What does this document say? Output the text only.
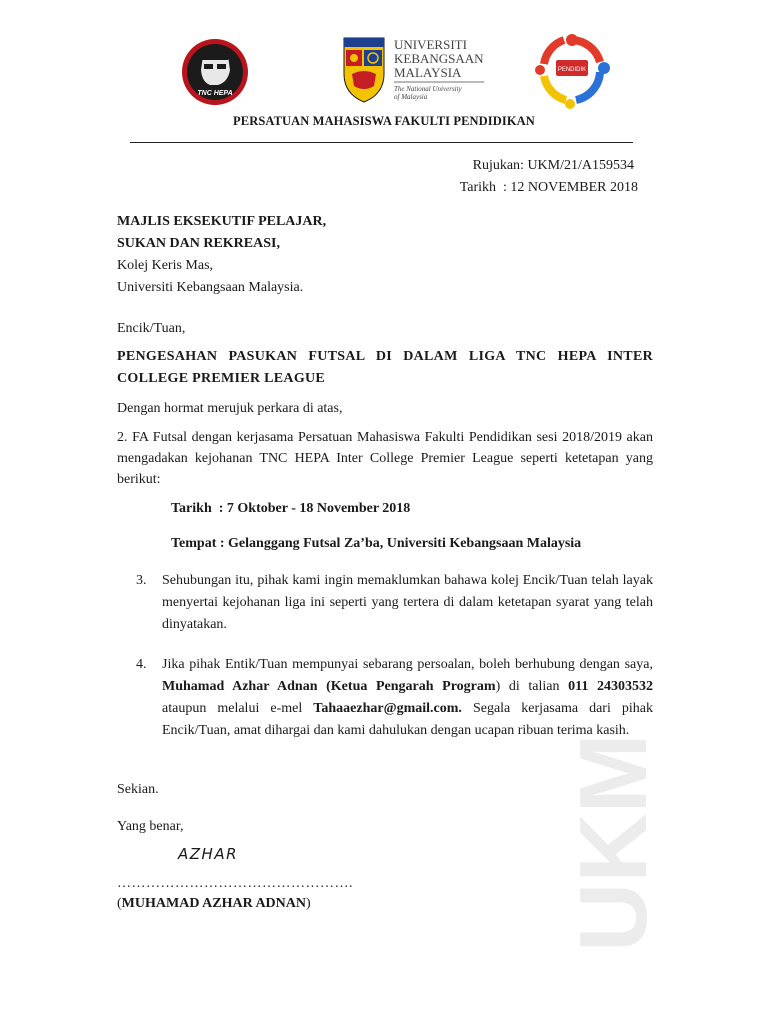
TNC HEPA
UNIVERSITI
KEBANGSAAN
MALAYSIA
The National University
of Malaysia
PENDIDIK
PERSATUAN MAHASISWA FAKULTI PENDIDIKAN
Rujukan: UKM/21/A159534
Tarikh  : 12 NOVEMBER 2018
MAJLIS EKSEKUTIF PELAJAR,
SUKAN DAN REKREASI,
Kolej Keris Mas,
Universiti Kebangsaan Malaysia.
Encik/Tuan,
PENGESAHAN PASUKAN FUTSAL DI DALAM LIGA TNC HEPA INTER COLLEGE PREMIER LEAGUE
Dengan hormat merujuk perkara di atas,
2. FA Futsal dengan kerjasama Persatuan Mahasiswa Fakulti Pendidikan sesi 2018/2019 akan mengadakan kejohanan TNC HEPA Inter College Premier League seperti ketetapan yang berikut:
Tarikh  : 7 Oktober - 18 November 2018
Tempat : Gelanggang Futsal Za’ba, Universiti Kebangsaan Malaysia
3. Sehubungan itu, pihak kami ingin memaklumkan bahawa kolej Encik/Tuan telah layak menyertai kejohanan liga ini seperti yang tertera di dalam ketetapan syarat yang telah dinyatakan.
4. Jika pihak Entik/Tuan mempunyai sebarang persoalan, boleh berhubung dengan saya, Muhamad Azhar Adnan (Ketua Pengarah Program) di talian 011 24303532 ataupun melalui e-mel Tahaaezhar@gmail.com. Segala kerjasama dari pihak Encik/Tuan, amat dihargai dan kami dahulukan dengan ucapan ribuan terima kasih.
Sekian.
Yang benar,
AZHAR
………………………………………….
(MUHAMAD AZHAR ADNAN)	UKM
